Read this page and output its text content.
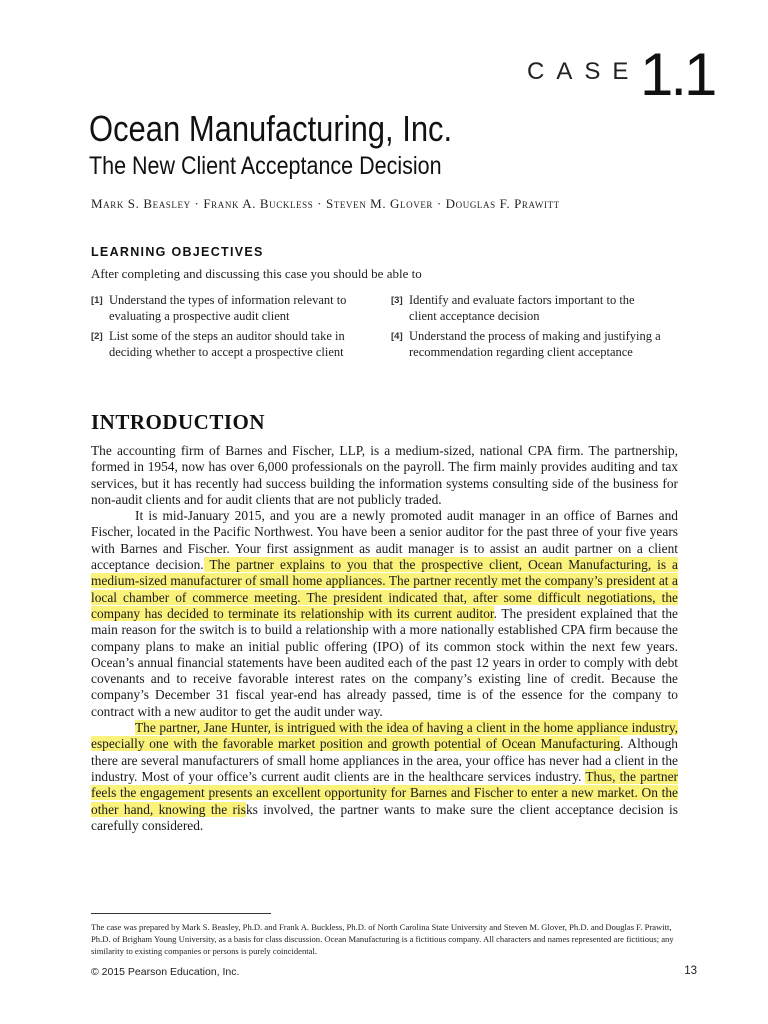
CASE 1.1
Ocean Manufacturing, Inc.
The New Client Acceptance Decision
Mark S. Beasley · Frank A. Buckless · Steven M. Glover · Douglas F. Prawitt
LEARNING OBJECTIVES
After completing and discussing this case you should be able to
[1] Understand the types of information relevant to evaluating a prospective audit client
[2] List some of the steps an auditor should take in deciding whether to accept a prospective client
[3] Identify and evaluate factors important to the client acceptance decision
[4] Understand the process of making and justifying a recommendation regarding client acceptance
INTRODUCTION

The accounting firm of Barnes and Fischer, LLP, is a medium-sized, national CPA firm. The partnership, formed in 1954, now has over 6,000 professionals on the payroll. The firm mainly provides auditing and tax services, but it has recently had success building the information systems consulting side of the business for non-audit clients and for audit clients that are not publicly traded.

It is mid-January 2015, and you are a newly promoted audit manager in an office of Barnes and Fischer, located in the Pacific Northwest. You have been a senior auditor for the past three of your five years with Barnes and Fischer. Your first assignment as audit manager is to assist an audit partner on a client acceptance decision. The partner explains to you that the prospective client, Ocean Manufacturing, is a medium-sized manufacturer of small home appliances. The partner recently met the company’s president at a local chamber of commerce meeting. The president indicated that, after some difficult negotiations, the company has decided to terminate its relationship with its current auditor. The president explained that the main reason for the switch is to build a relationship with a more nationally established CPA firm because the company plans to make an initial public offering (IPO) of its common stock within the next few years. Ocean’s annual financial statements have been audited each of the past 12 years in order to comply with debt covenants and to receive favorable interest rates on the company’s existing line of credit. Because the company’s December 31 fiscal year-end has already passed, time is of the essence for the company to contract with a new auditor to get the audit under way.

The partner, Jane Hunter, is intrigued with the idea of having a client in the home appliance industry, especially one with the favorable market position and growth potential of Ocean Manufacturing. Although there are several manufacturers of small home appliances in the area, your office has never had a client in the industry. Most of your office’s current audit clients are in the healthcare services industry. Thus, the partner feels the engagement presents an excellent opportunity for Barnes and Fischer to enter a new market. On the other hand, knowing the risks involved, the partner wants to make sure the client acceptance decision is carefully considered.

The case was prepared by Mark S. Beasley, Ph.D. and Frank A. Buckless, Ph.D. of North Carolina State University and Steven M. Glover, Ph.D. and Douglas F. Prawitt, Ph.D. of Brigham Young University, as a basis for class discussion. Ocean Manufacturing is a fictitious company. All characters and names represented are fictitious; any similarity to existing companies or persons is purely coincidental.
© 2015 Pearson Education, Inc.	13
